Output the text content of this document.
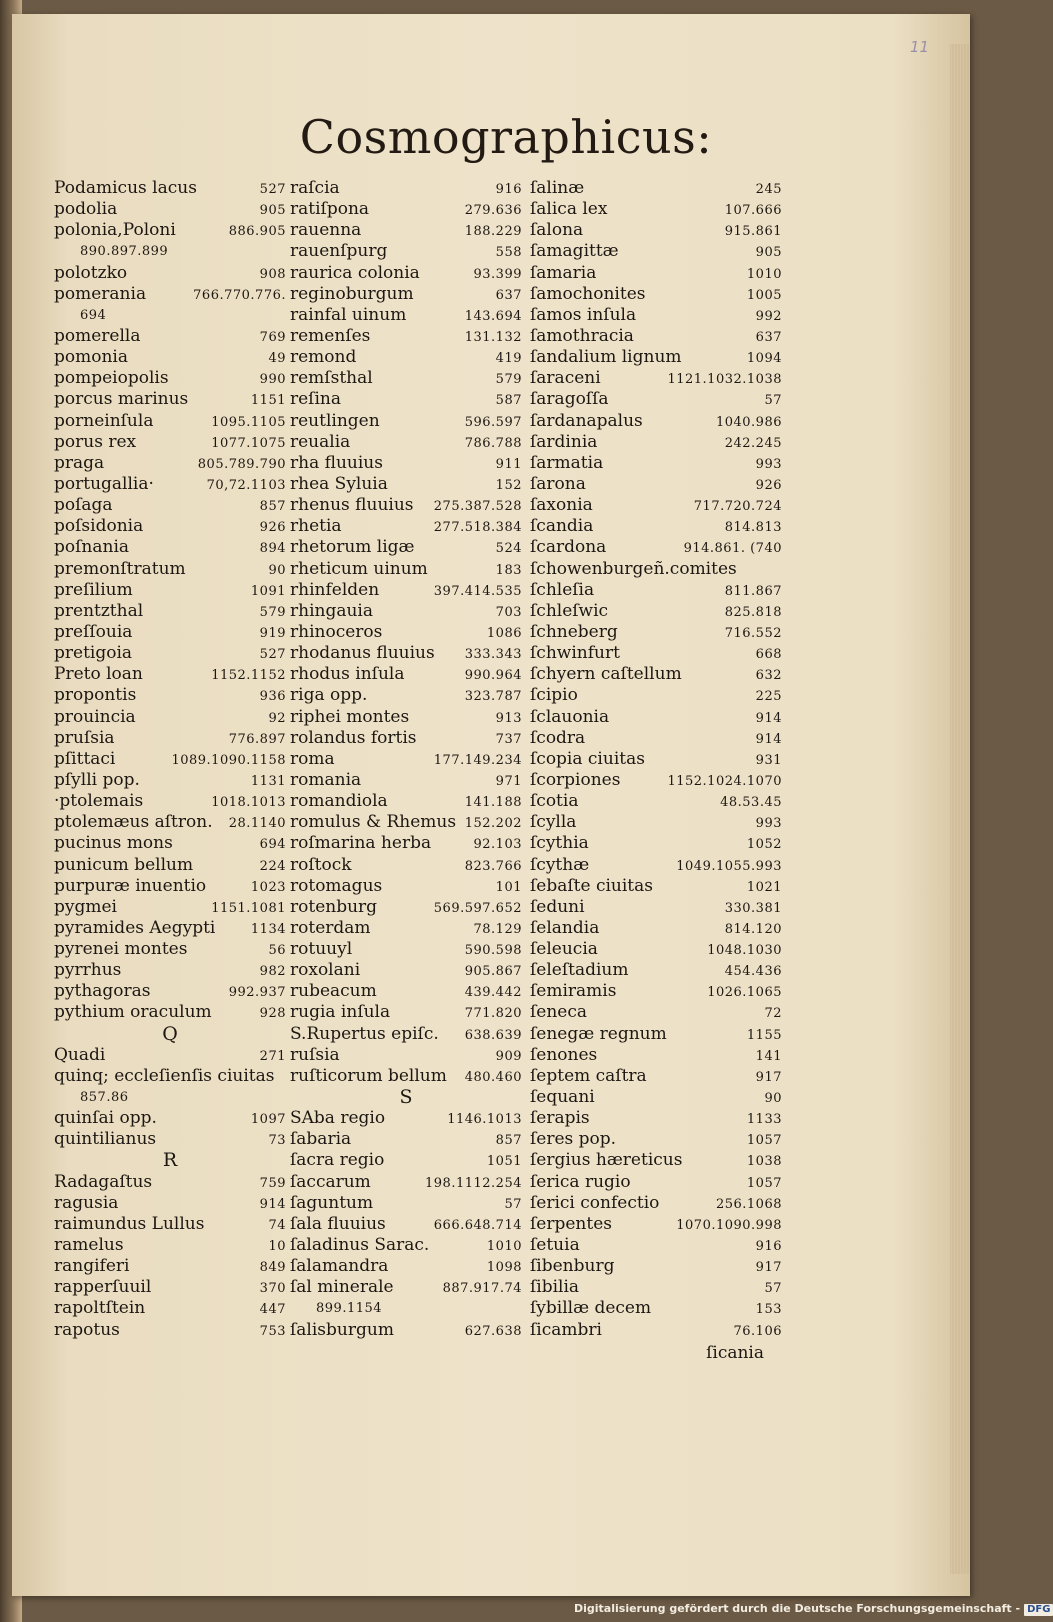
11
Cosmographicus:
Podamicus lacus	527
podolia	905
polonia,Poloni	886.905
890.897.899
polotzko	908
pomerania	766.770.776.
694
pomerella	769
pomonia	49
pompeiopolis	990
porcus marinus	1151
porneinſula	1095.1105
porus rex	1077.1075
praga	805.789.790
portugallia·	70,72.1103
poſaga	857
poſsidonia	926
poſnania	894
premonſtratum	90
preſilium	1091
prentzthal	579
preſſouia	919
pretigoia	527
Preto loan	1152.1152
propontis	936
prouincia	92
pruſsia	776.897
pſittaci	1089.1090.1158
pſylli pop.	1131
·ptolemais	1018.1013
ptolemæus aſtron.	28.1140
pucinus mons	694
punicum bellum	224
purpuræ inuentio	1023
pygmei	1151.1081
pyramides Aegypti	1134
pyrenei montes	56
pyrrhus	982
pythagoras	992.937
pythium oraculum	928
Q
Quadi	271
quinq; eccleſienſis ciuitas
857.86
quinſai opp.	1097
quintilianus	73
R
Radagaſtus	759
ragusia	914
raimundus Lullus	74
ramelus	10
rangiferi	849
rapperſuuil	370
rapoltſtein	447
rapotus	753
raſcia	916
ratiſpona	279.636
rauenna	188.229
rauenſpurg	558
raurica colonia	93.399
reginoburgum	637
rainfal uinum	143.694
remenſes	131.132
remond	419
remſsthal	579
reſina	587
reutlingen	596.597
reualia	786.788
rha fluuius	911
rhea Syluia	152
rhenus fluuius	275.387.528
rhetia	277.518.384
rhetorum ligæ	524
rheticum uinum	183
rhinfelden	397.414.535
rhingauia	703
rhinoceros	1086
rhodanus fluuius	333.343
rhodus inſula	990.964
riga opp.	323.787
riphei montes	913
rolandus fortis	737
roma	177.149.234
romania	971
romandiola	141.188
romulus & Rhemus 152.202
roſmarina herba	92.103
roſtock	823.766
rotomagus	101
rotenburg	569.597.652
roterdam	78.129
rotuuyl	590.598
roxolani	905.867
rubeacum	439.442
rugia inſula	771.820
S.Rupertus epiſc.	638.639
ruſsia	909
ruſticorum bellum	480.460
S
SAba regio	1146.1013
ſabaria	857
ſacra regio	1051
ſaccarum	198.1112.254
ſaguntum	57
ſala fluuius	666.648.714
ſaladinus Sarac.	1010
ſalamandra	1098
ſal minerale	887.917.74
899.1154
ſalisburgum	627.638
ſalinæ	245
ſalica lex	107.666
ſalona	915.861
ſamagittæ	905
ſamaria	1010
ſamochonites	1005
ſamos inſula	992
ſamothracia	637
ſandalium lignum	1094
ſaraceni	1121.1032.1038
ſaragoſſa	57
ſardanapalus	1040.986
ſardinia	242.245
ſarmatia	993
ſarona	926
ſaxonia	717.720.724
ſcandia	814.813
ſcardona	914.861. (740
ſchowenburgeñ.comites
ſchleſia	811.867
ſchleſwic	825.818
ſchneberg	716.552
ſchwinfurt	668
ſchyern caſtellum	632
ſcipio	225
ſclauonia	914
ſcodra	914
ſcopia ciuitas	931
ſcorpiones	1152.1024.1070
ſcotia	48.53.45
ſcylla	993
ſcythia	1052
ſcythæ	1049.1055.993
ſebaſte ciuitas	1021
ſeduni	330.381
ſelandia	814.120
ſeleucia	1048.1030
ſeleſtadium	454.436
ſemiramis	1026.1065
ſeneca	72
ſenegæ regnum	1155
ſenones	141
ſeptem caſtra	917
ſequani	90
ſerapis	1133
ſeres pop.	1057
ſergius hæreticus	1038
ſerica rugio	1057
ſerici confectio	256.1068
ſerpentes	1070.1090.998
ſetuia	916
ſibenburg	917
ſibilia	57
ſybillæ decem	153
ſicambri	76.106
ſicania
Digitalisierung gefördert durch die Deutsche Forschungsgemeinschaft - DFG
